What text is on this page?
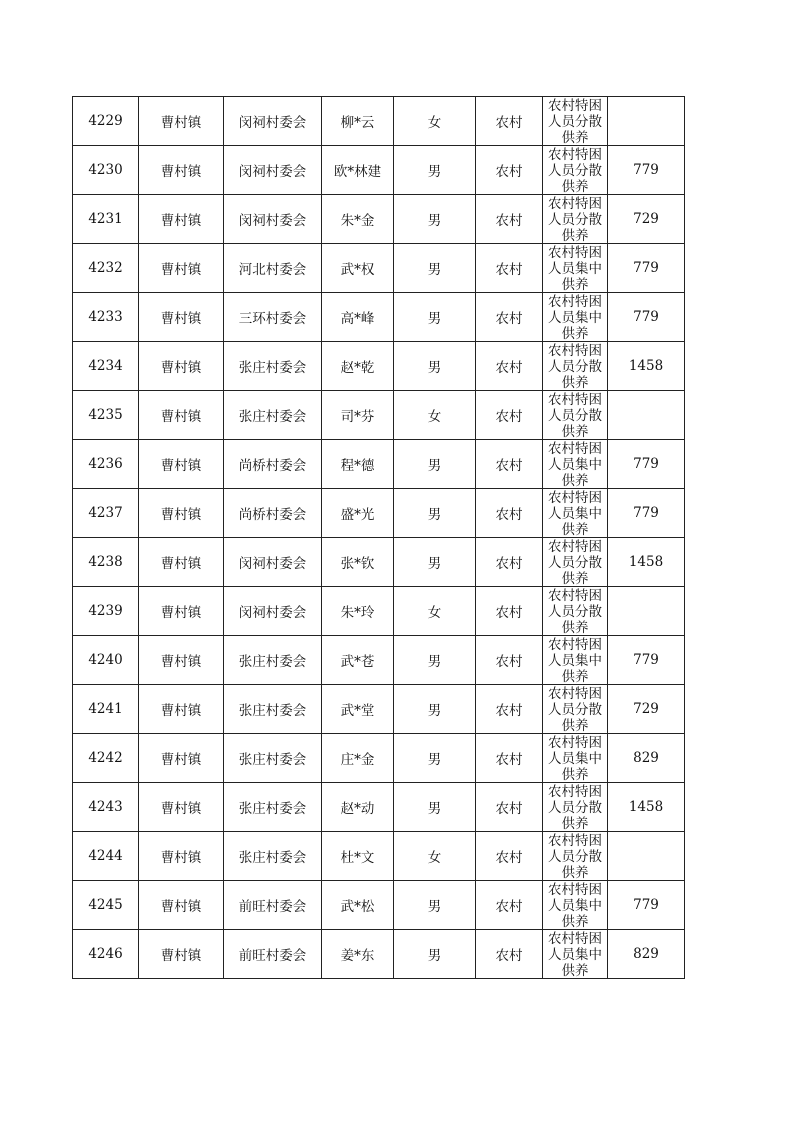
4229	曹村镇	闵祠村委会	柳*云	女	农村	农村特困人员分散供养	

4230	曹村镇	闵祠村委会	欧*林建	男	农村	农村特困人员分散供养	779
4231	曹村镇	闵祠村委会	朱*金	男	农村	农村特困人员分散供养	729
4232	曹村镇	河北村委会	武*权	男	农村	农村特困人员集中供养	779
4233	曹村镇	三环村委会	高*峰	男	农村	农村特困人员集中供养	779
4234	曹村镇	张庄村委会	赵*乾	男	农村	农村特困人员分散供养	1458
4235	曹村镇	张庄村委会	司*芬	女	农村	农村特困人员分散供养	

4236	曹村镇	尚桥村委会	程*德	男	农村	农村特困人员集中供养	779
4237	曹村镇	尚桥村委会	盛*光	男	农村	农村特困人员集中供养	779
4238	曹村镇	闵祠村委会	张*钦	男	农村	农村特困人员分散供养	1458
4239	曹村镇	闵祠村委会	朱*玲	女	农村	农村特困人员分散供养	

4240	曹村镇	张庄村委会	武*苍	男	农村	农村特困人员集中供养	779
4241	曹村镇	张庄村委会	武*堂	男	农村	农村特困人员分散供养	729
4242	曹村镇	张庄村委会	庄*金	男	农村	农村特困人员集中供养	829
4243	曹村镇	张庄村委会	赵*动	男	农村	农村特困人员分散供养	1458
4244	曹村镇	张庄村委会	杜*文	女	农村	农村特困人员分散供养	

4245	曹村镇	前旺村委会	武*松	男	农村	农村特困人员集中供养	779
4246	曹村镇	前旺村委会	姜*东	男	农村	农村特困人员集中供养	829
